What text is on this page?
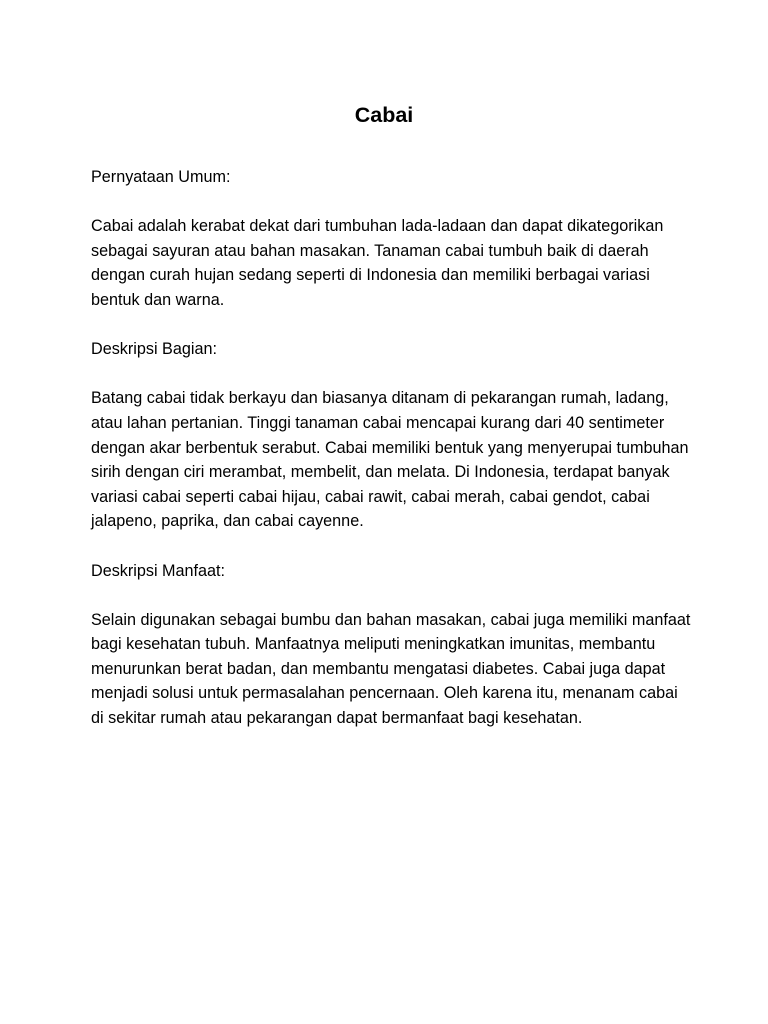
Cabai

Pernyataan Umum:

Cabai adalah kerabat dekat dari tumbuhan lada-ladaan dan dapat dikategorikan sebagai sayuran atau bahan masakan. Tanaman cabai tumbuh baik di daerah dengan curah hujan sedang seperti di Indonesia dan memiliki berbagai variasi bentuk dan warna.

Deskripsi Bagian:

Batang cabai tidak berkayu dan biasanya ditanam di pekarangan rumah, ladang, atau lahan pertanian. Tinggi tanaman cabai mencapai kurang dari 40 sentimeter dengan akar berbentuk serabut. Cabai memiliki bentuk yang menyerupai tumbuhan sirih dengan ciri merambat, membelit, dan melata. Di Indonesia, terdapat banyak variasi cabai seperti cabai hijau, cabai rawit, cabai merah, cabai gendot, cabai jalapeno, paprika, dan cabai cayenne.

Deskripsi Manfaat:

Selain digunakan sebagai bumbu dan bahan masakan, cabai juga memiliki manfaat bagi kesehatan tubuh. Manfaatnya meliputi meningkatkan imunitas, membantu menurunkan berat badan, dan membantu mengatasi diabetes. Cabai juga dapat menjadi solusi untuk permasalahan pencernaan. Oleh karena itu, menanam cabai di sekitar rumah atau pekarangan dapat bermanfaat bagi kesehatan.
